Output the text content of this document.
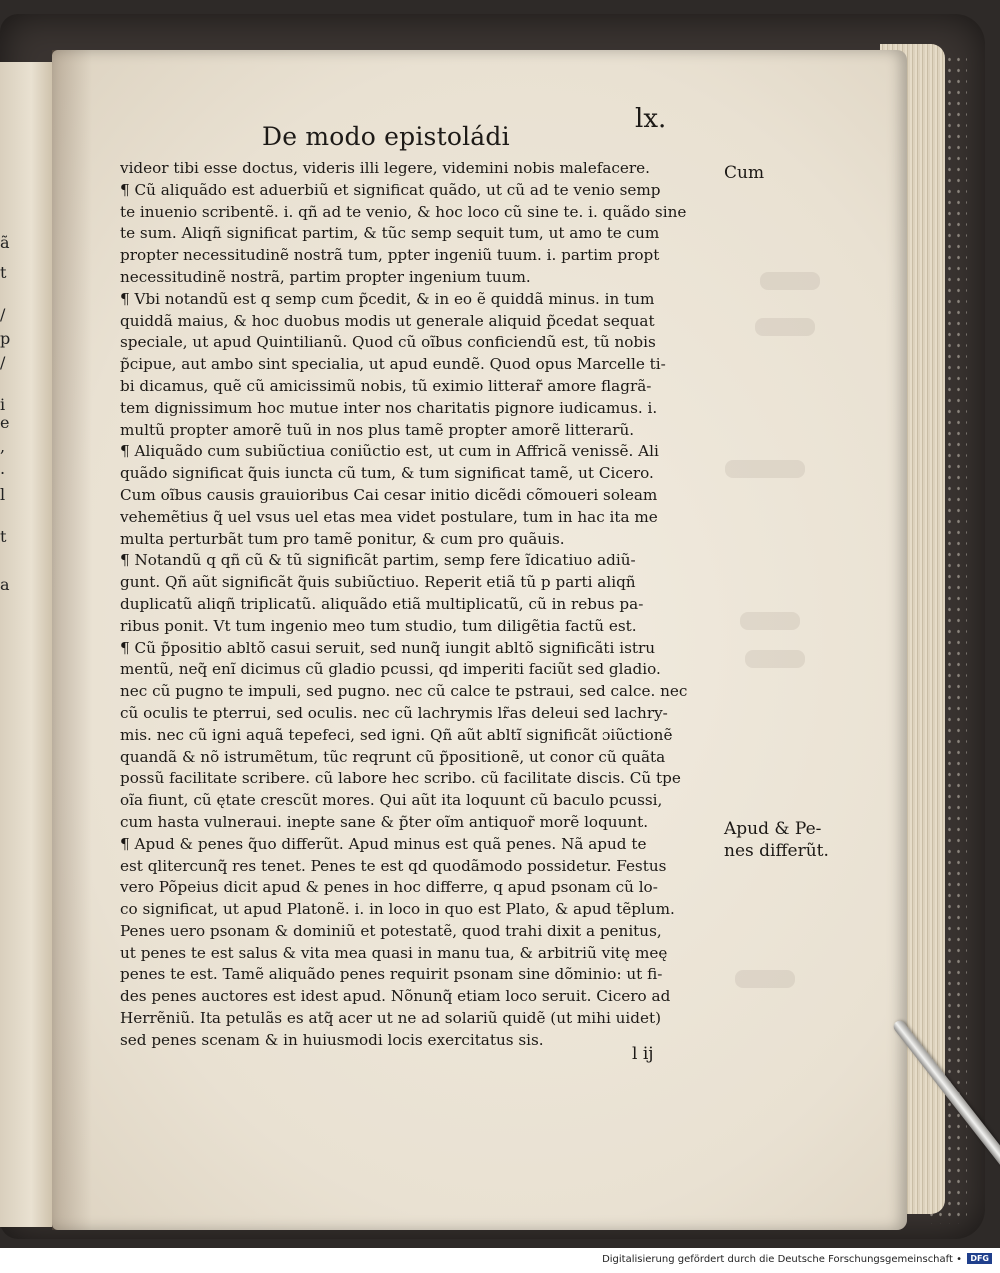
ã
t
/
p
/
i
e
,
.
l
t
a
De modo epistoládi
lx.
videor tibi esse doctus, videris illi legere, videmini nobis malefacere.
¶ Cũ aliquãdo est aduerbiũ et significat quãdo, ut cũ ad te venio semp
te inuenio scribentẽ. i. qñ ad te venio, & hoc loco cũ sine te. i. quãdo sine
te sum. Aliqñ significat partim, & tũc semp sequit tum, ut amo te cum
propter necessitudinẽ nostrã tum, ppter ingeniũ tuum. i. partim propt
necessitudinẽ nostrã, partim propter ingenium tuum.
¶ Vbi notandũ est q semp cum p̃cedit, & in eo ẽ quiddã minus. in tum
quiddã maius, & hoc duobus modis ut generale aliquid p̃cedat sequat
speciale, ut apud Quintilianũ. Quod cũ oĩbus conficiendũ est, tũ nobis
p̃cipue, aut ambo sint specialia, ut apud eundẽ. Quod opus Marcelle ti-
bi dicamus, quẽ cũ amicissimũ nobis, tũ eximio litterar̃ amore flagrã-
tem dignissimum hoc mutue inter nos charitatis pignore iudicamus. i.
multũ propter amorẽ tuũ in nos plus tamẽ propter amorẽ litterarũ.
¶ Aliquãdo cum subiũctiua coniũctio est, ut cum in Affricã venissẽ. Ali
quãdo significat q̃uis iuncta cũ tum, & tum significat tamẽ, ut Cicero.
Cum oĩbus causis grauioribus Cai cesar initio dicẽdi cõmoueri soleam
vehemẽtius q̃ uel vsus uel etas mea videt postulare, tum in hac ita me
multa perturbãt tum pro tamẽ ponitur, & cum pro quãuis.
¶ Notandũ q qñ cũ & tũ significãt partim, semp fere ĩdicatiuo adiũ-
gunt. Qñ aũt significãt q̃uis subiũctiuo. Reperit etiã tũ p parti aliqñ
duplicatũ aliqñ triplicatũ. aliquãdo etiã multiplicatũ, cũ in rebus pa-
ribus ponit. Vt tum ingenio meo tum studio, tum diligẽtia factũ est.
¶ Cũ p̃positio abltõ casui seruit, sed nunq̃ iungit abltõ significãti istru
mentũ, neq̃ enĩ dicimus cũ gladio pcussi, qd imperiti faciũt sed gladio.
nec cũ pugno te impuli, sed pugno. nec cũ calce te pstraui, sed calce. nec
cũ oculis te pterrui, sed oculis. nec cũ lachrymis lr̃as deleui sed lachry-
mis. nec cũ igni aquã tepefeci, sed igni. Qñ aũt abltĩ significãt ɔiũctionẽ
quandã & nõ istrumẽtum, tũc reqrunt cũ p̃positionẽ, ut conor cũ quãta
possũ facilitate scribere. cũ labore hec scribo. cũ facilitate discis. Cũ tpe
oĩa fiunt, cũ ętate crescũt mores. Qui aũt ita loquunt cũ baculo pcussi,
cum hasta vulneraui. inepte sane & p̃ter oĩm antiquor̃ morẽ loquunt.
¶ Apud & penes q̃uo differũt. Apud minus est quã penes. Nã apud te
est qlitercunq̃ res tenet. Penes te est qd quodãmodo possidetur. Festus
vero Põpeius dicit apud & penes in hoc differre, q apud psonam cũ lo-
co significat, ut apud Platonẽ. i. in loco in quo est Plato, & apud tẽplum.
Penes uero psonam & dominiũ et potestatẽ, quod trahi dixit a penitus,
ut penes te est salus & vita mea quasi in manu tua, & arbitriũ vitę meę
penes te est. Tamẽ aliquãdo penes requirit psonam sine dõminio: ut fi-
des penes auctores est idest apud. Nõnunq̃ etiam loco seruit. Cicero ad
Herrẽniũ. Ita petulãs es atq̃ acer ut ne ad solariũ quidẽ (ut mihi uidet)
sed penes scenam & in huiusmodi locis exercitatus sis.
Cum
Apud & Pe-
nes differũt.
l ij
Digitalisierung gefördert durch die Deutsche Forschungsgemeinschaft •	DFG
